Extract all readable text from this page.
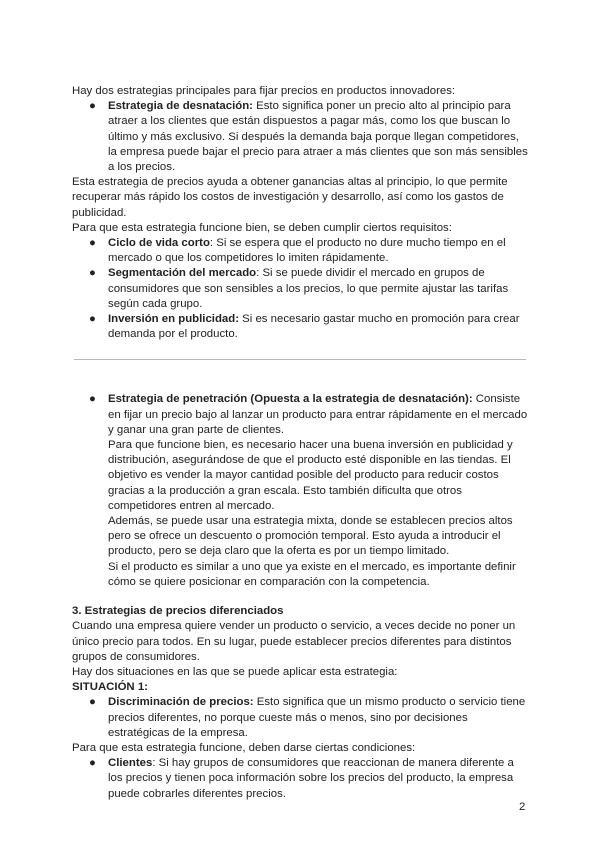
Hay dos estrategias principales para fijar precios en productos innovadores:

● Estrategia de desnatación: Esto significa poner un precio alto al principio para atraer a los clientes que están dispuestos a pagar más, como los que buscan lo último y más exclusivo. Si después la demanda baja porque llegan competidores, la empresa puede bajar el precio para atraer a más clientes que son más sensibles a los precios.

Esta estrategia de precios ayuda a obtener ganancias altas al principio, lo que permite recuperar más rápido los costos de investigación y desarrollo, así como los gastos de publicidad.

Para que esta estrategia funcione bien, se deben cumplir ciertos requisitos:

● Ciclo de vida corto: Si se espera que el producto no dure mucho tiempo en el mercado o que los competidores lo imiten rápidamente.
● Segmentación del mercado: Si se puede dividir el mercado en grupos de consumidores que son sensibles a los precios, lo que permite ajustar las tarifas según cada grupo.
● Inversión en publicidad: Si es necesario gastar mucho en promoción para crear demanda por el producto.
● Estrategia de penetración (Opuesta a la estrategia de desnatación): Consiste en fijar un precio bajo al lanzar un producto para entrar rápidamente en el mercado y ganar una gran parte de clientes.

Para que funcione bien, es necesario hacer una buena inversión en publicidad y distribución, asegurándose de que el producto esté disponible en las tiendas. El objetivo es vender la mayor cantidad posible del producto para reducir costos gracias a la producción a gran escala. Esto también dificulta que otros competidores entren al mercado.

Además, se puede usar una estrategia mixta, donde se establecen precios altos pero se ofrece un descuento o promoción temporal. Esto ayuda a introducir el producto, pero se deja claro que la oferta es por un tiempo limitado.

Si el producto es similar a uno que ya existe en el mercado, es importante definir cómo se quiere posicionar en comparación con la competencia.

3. Estrategias de precios diferenciados

Cuando una empresa quiere vender un producto o servicio, a veces decide no poner un único precio para todos. En su lugar, puede establecer precios diferentes para distintos grupos de consumidores.

Hay dos situaciones en las que se puede aplicar esta estrategia:

SITUACIÓN 1:

● Discriminación de precios: Esto significa que un mismo producto o servicio tiene precios diferentes, no porque cueste más o menos, sino por decisiones estratégicas de la empresa.

Para que esta estrategia funcione, deben darse ciertas condiciones:

● Clientes: Si hay grupos de consumidores que reaccionan de manera diferente a los precios y tienen poca información sobre los precios del producto, la empresa puede cobrarles diferentes precios.
2
